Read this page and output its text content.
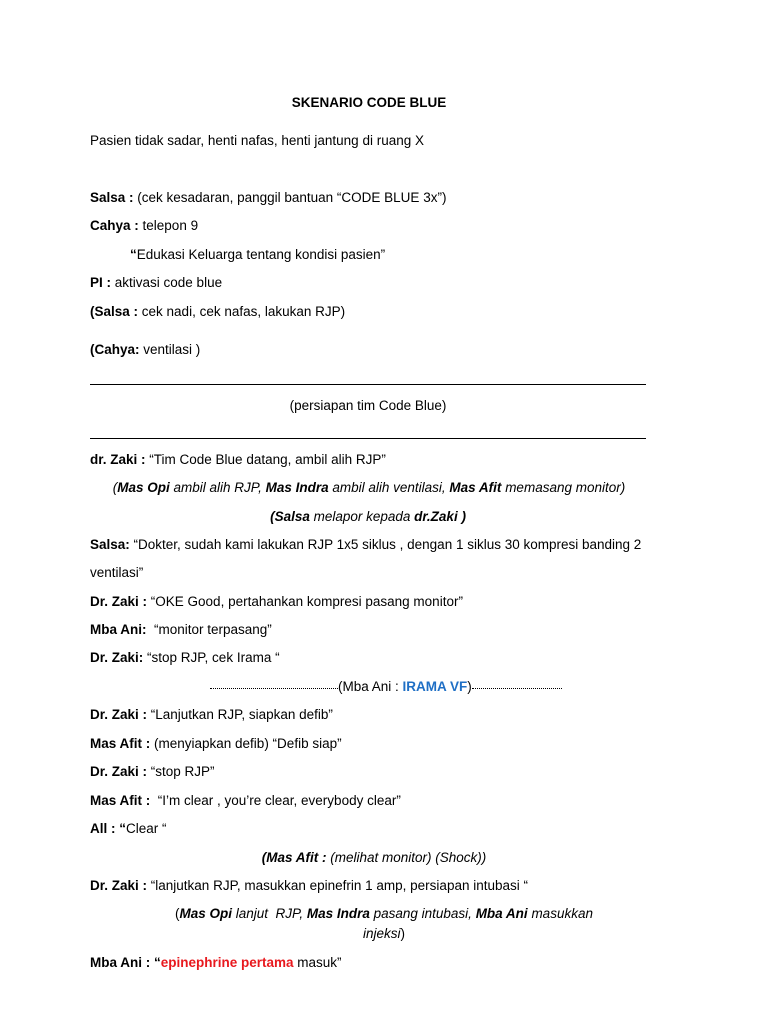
SKENARIO CODE BLUE
Pasien tidak sadar, henti nafas, henti jantung di ruang X
Salsa : (cek kesadaran, panggil bantuan “CODE BLUE 3x”)
Cahya : telepon 9
“Edukasi Keluarga tentang kondisi pasien”
PI : aktivasi code blue
(Salsa : cek nadi, cek nafas, lakukan RJP)
(Cahya: ventilasi )
(persiapan tim Code Blue)
dr. Zaki : “Tim Code Blue datang, ambil alih RJP”
(Mas Opi ambil alih RJP, Mas Indra ambil alih ventilasi, Mas Afit memasang monitor)
(Salsa melapor kepada dr.Zaki )
Salsa: “Dokter, sudah kami lakukan RJP 1x5 siklus , dengan 1 siklus 30 kompresi banding 2
ventilasi”
Dr. Zaki : “OKE Good, pertahankan kompresi pasang monitor”
Mba Ani:  “monitor terpasang”
Dr. Zaki: “stop RJP, cek Irama “
(Mba Ani : IRAMA VF)
Dr. Zaki : “Lanjutkan RJP, siapkan defib”
Mas Afit : (menyiapkan defib) “Defib siap”
Dr. Zaki : “stop RJP”
Mas Afit :  “I’m clear , you’re clear, everybody clear”
All : “Clear “
(Mas Afit : (melihat monitor) (Shock))
Dr. Zaki : “lanjutkan RJP, masukkan epinefrin 1 amp, persiapan intubasi “
(Mas Opi lanjut  RJP, Mas Indra pasang intubasi, Mba Ani masukkan
injeksi)
Mba Ani : “epinephrine pertama masuk”
